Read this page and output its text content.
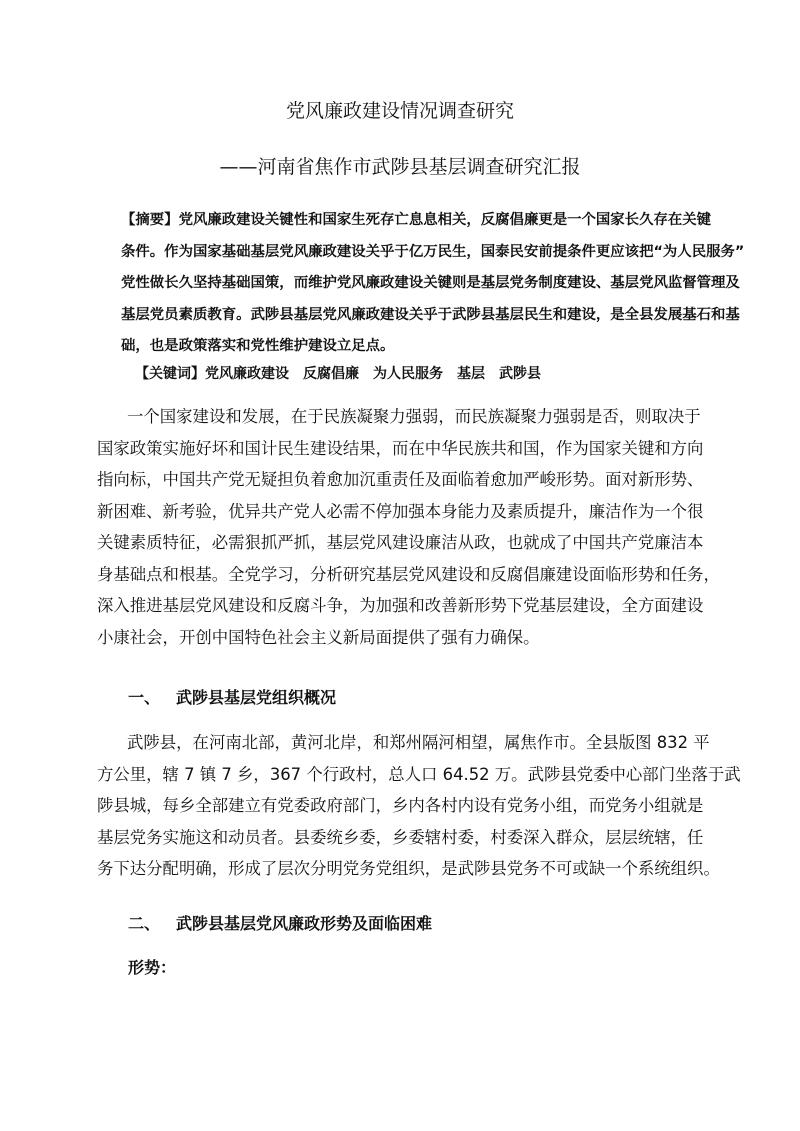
党风廉政建设情况调查研究
——河南省焦作市武陟县基层调查研究汇报
【摘要】党风廉政建设关键性和国家生死存亡息息相关，反腐倡廉更是一个国家长久存在关键
条件。作为国家基础基层党风廉政建设关乎于亿万民生，国泰民安前提条件更应该把“为人民服务”
党性做长久坚持基础国策，而维护党风廉政建设关键则是基层党务制度建设、基层党风监督管理及
基层党员素质教育。武陟县基层党风廉政建设关乎于武陟县基层民生和建设，是全县发展基石和基
础，也是政策落实和党性维护建设立足点。
【关键词】党风廉政建设 反腐倡廉 为人民服务 基层 武陟县
一个国家建设和发展，在于民族凝聚力强弱，而民族凝聚力强弱是否，则取决于
国家政策实施好坏和国计民生建设结果，而在中华民族共和国，作为国家关键和方向
指向标，中国共产党无疑担负着愈加沉重责任及面临着愈加严峻形势。面对新形势、
新困难、新考验，优异共产党人必需不停加强本身能力及素质提升，廉洁作为一个很
关键素质特征，必需狠抓严抓，基层党风建设廉洁从政，也就成了中国共产党廉洁本
身基础点和根基。全党学习，分析研究基层党风建设和反腐倡廉建设面临形势和任务，
深入推进基层党风建设和反腐斗争，为加强和改善新形势下党基层建设，全方面建设
小康社会，开创中国特色社会主义新局面提供了强有力确保。
一、 武陟县基层党组织概况
武陟县，在河南北部，黄河北岸，和郑州隔河相望，属焦作市。全县版图 832 平
方公里，辖 7 镇 7 乡，367 个行政村，总人口 64.52 万。武陟县党委中心部门坐落于武
陟县城，每乡全部建立有党委政府部门，乡内各村内设有党务小组，而党务小组就是
基层党务实施这和动员者。县委统乡委，乡委辖村委，村委深入群众，层层统辖，任
务下达分配明确，形成了层次分明党务党组织，是武陟县党务不可或缺一个系统组织。
二、 武陟县基层党风廉政形势及面临困难
形势：
